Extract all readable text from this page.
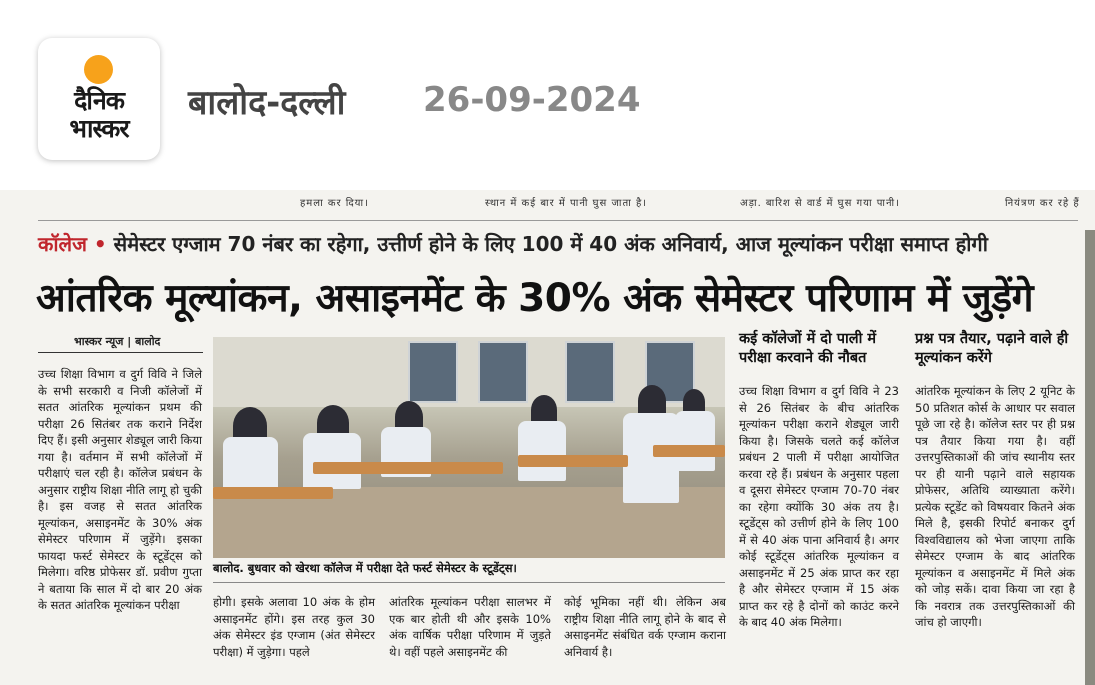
दैनिक
भास्कर
बालोद-दल्ली 26-09-2024
हमला कर दिया।	स्थान में कई बार में पानी घुस जाता है।	अड़ा. बारिश से वार्ड में घुस गया पानी।	नियंत्रण कर रहे हैं
कॉलेज • सेमेस्टर एग्जाम 70 नंबर का रहेगा, उत्तीर्ण होने के लिए 100 में 40 अंक अनिवार्य, आज मूल्यांकन परीक्षा समाप्त होगी
आंतरिक मूल्यांकन, असाइनमेंट के 30% अंक सेमेस्टर परिणाम में जुड़ेंगे
भास्कर न्यूज | बालोद
उच्च शिक्षा विभाग व दुर्ग विवि ने जिले के सभी सरकारी व निजी कॉलेजों में सतत आंतरिक मूल्यांकन प्रथम की परीक्षा 26 सितंबर तक कराने निर्देश दिए हैं। इसी अनुसार शेड्यूल जारी किया गया है। वर्तमान में सभी कॉलेजों में परीक्षाएं चल रही है। कॉलेज प्रबंधन के अनुसार राष्ट्रीय शिक्षा नीति लागू हो चुकी है। इस वजह से सतत आंतरिक मूल्यांकन, असाइनमेंट के 30% अंक सेमेस्टर परिणाम में जुड़ेंगे। इसका फायदा फर्स्ट सेमेस्टर के स्टूडेंट्स को मिलेगा। वरिष्ठ प्रोफेसर डॉ. प्रवीण गुप्ता ने बताया कि साल में दो बार 20 अंक के सतत आंतरिक मूल्यांकन परीक्षा
बालोद. बुधवार को खेरथा कॉलेज में परीक्षा देते फर्स्ट सेमेस्टर के स्टूडेंट्स।
होगी। इसके अलावा 10 अंक के होम असाइनमेंट होंगे। इस तरह कुल 30 अंक सेमेस्टर इंड एग्जाम (अंत सेमेस्टर परीक्षा) में जुड़ेगा। पहले
आंतरिक मूल्यांकन परीक्षा सालभर में एक बार होती थी और इसके 10% अंक वार्षिक परीक्षा परिणाम में जुड़ते थे। वहीं पहले असाइनमेंट की
कोई भूमिका नहीं थी। लेकिन अब राष्ट्रीय शिक्षा नीति लागू होने के बाद से असाइनमेंट संबंधित वर्क एग्जाम कराना अनिवार्य है।
कई कॉलेजों में दो पाली में परीक्षा करवाने की नौबत
उच्च शिक्षा विभाग व दुर्ग विवि ने 23 से 26 सितंबर के बीच आंतरिक मूल्यांकन परीक्षा कराने शेड्यूल जारी किया है। जिसके चलते कई कॉलेज प्रबंधन 2 पाली में परीक्षा आयोजित करवा रहे हैं। प्रबंधन के अनुसार पहला व दूसरा सेमेस्टर एग्जाम 70-70 नंबर का रहेगा क्योंकि 30 अंक तय है। स्टूडेंट्स को उत्तीर्ण होने के लिए 100 में से 40 अंक पाना अनिवार्य है। अगर कोई स्टूडेंट्स आंतरिक मूल्यांकन व असाइनमेंट में 25 अंक प्राप्त कर रहा है और सेमेस्टर एग्जाम में 15 अंक प्राप्त कर रहे है दोनों को काउंट करने के बाद 40 अंक मिलेगा।
प्रश्न पत्र तैयार, पढ़ाने वाले ही मूल्यांकन करेंगे
आंतरिक मूल्यांकन के लिए 2 यूनिट के 50 प्रतिशत कोर्स के आधार पर सवाल पूछे जा रहे है। कॉलेज स्तर पर ही प्रश्न पत्र तैयार किया गया है। वहीं उत्तरपुस्तिकाओं की जांच स्थानीय स्तर पर ही यानी पढ़ाने वाले सहायक प्रोफेसर, अतिथि व्याख्याता करेंगे। प्रत्येक स्टूडेंट को विषयवार कितने अंक मिले है, इसकी रिपोर्ट बनाकर दुर्ग विश्वविद्यालय को भेजा जाएगा ताकि सेमेस्टर एग्जाम के बाद आंतरिक मूल्यांकन व असाइनमेंट में मिले अंक को जोड़ सकें। दावा किया जा रहा है कि नवरात्र तक उत्तरपुस्तिकाओं की जांच हो जाएगी।
